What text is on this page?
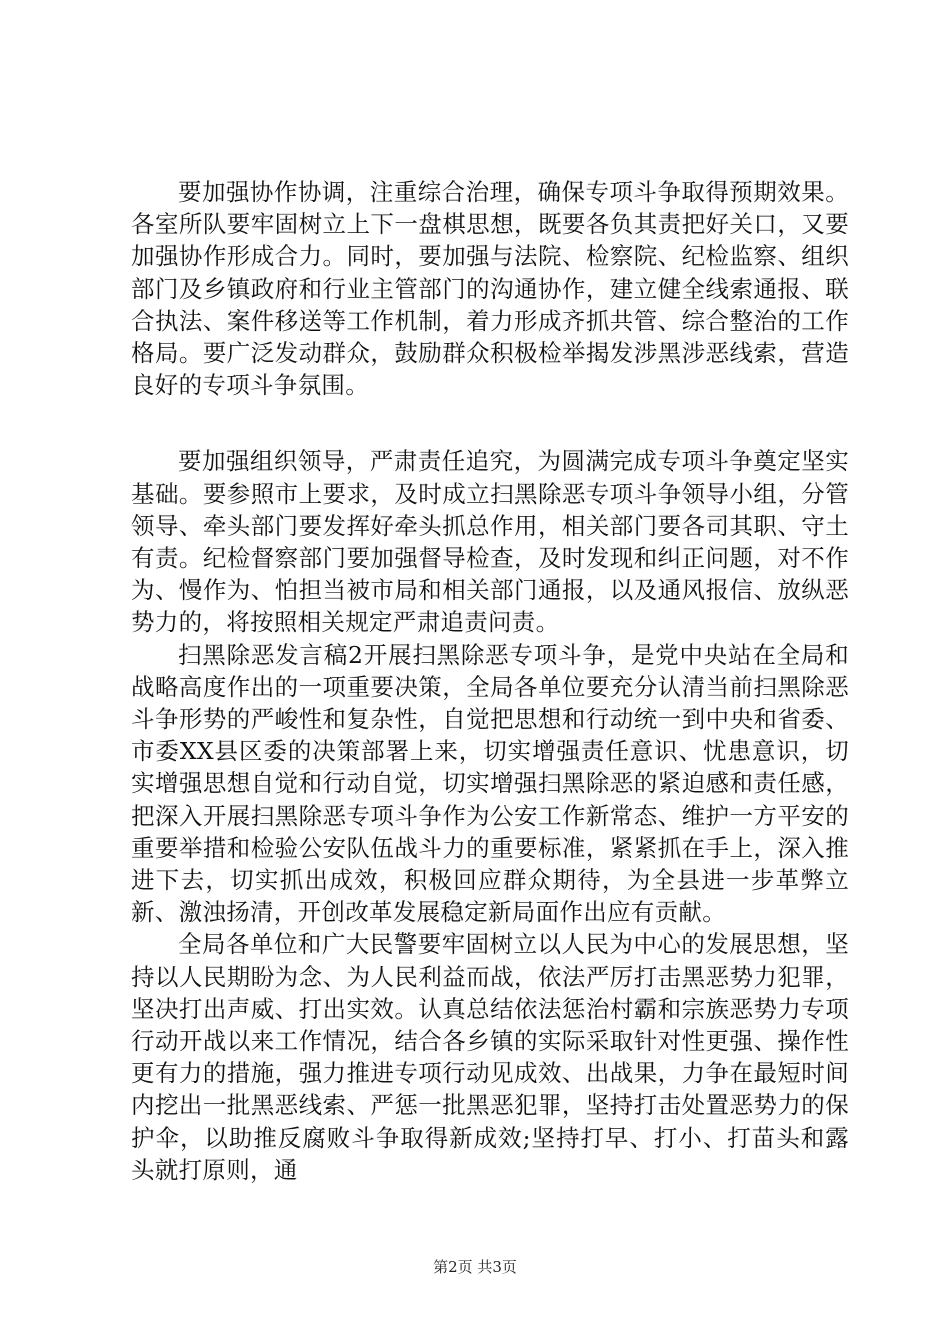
要加强协作协调，注重综合治理，确保专项斗争取得预期效果。各室所队要牢固树立上下一盘棋思想，既要各负其责把好关口，又要加强协作形成合力。同时，要加强与法院、检察院、纪检监察、组织部门及乡镇政府和行业主管部门的沟通协作，建立健全线索通报、联合执法、案件移送等工作机制，着力形成齐抓共管、综合整治的工作格局。要广泛发动群众，鼓励群众积极检举揭发涉黑涉恶线索，营造良好的专项斗争氛围。

要加强组织领导，严肃责任追究，为圆满完成专项斗争奠定坚实基础。要参照市上要求，及时成立扫黑除恶专项斗争领导小组，分管领导、牵头部门要发挥好牵头抓总作用，相关部门要各司其职、守土有责。纪检督察部门要加强督导检查，及时发现和纠正问题，对不作为、慢作为、怕担当被市局和相关部门通报，以及通风报信、放纵恶势力的，将按照相关规定严肃追责问责。

扫黑除恶发言稿2开展扫黑除恶专项斗争，是党中央站在全局和战略高度作出的一项重要决策，全局各单位要充分认清当前扫黑除恶斗争形势的严峻性和复杂性，自觉把思想和行动统一到中央和省委、市委XX县区委的决策部署上来，切实增强责任意识、忧患意识，切实增强思想自觉和行动自觉，切实增强扫黑除恶的紧迫感和责任感，把深入开展扫黑除恶专项斗争作为公安工作新常态、维护一方平安的重要举措和检验公安队伍战斗力的重要标准，紧紧抓在手上，深入推进下去，切实抓出成效，积极回应群众期待，为全县进一步革弊立新、激浊扬清，开创改革发展稳定新局面作出应有贡献。

全局各单位和广大民警要牢固树立以人民为中心的发展思想，坚持以人民期盼为念、为人民利益而战，依法严厉打击黑恶势力犯罪，坚决打出声威、打出实效。认真总结依法惩治村霸和宗族恶势力专项行动开战以来工作情况，结合各乡镇的实际采取针对性更强、操作性更有力的措施，强力推进专项行动见成效、出战果，力争在最短时间内挖出一批黑恶线索、严惩一批黑恶犯罪，坚持打击处置恶势力的保护伞，以助推反腐败斗争取得新成效;坚持打早、打小、打苗头和露头就打原则，通

第2页 共3页
